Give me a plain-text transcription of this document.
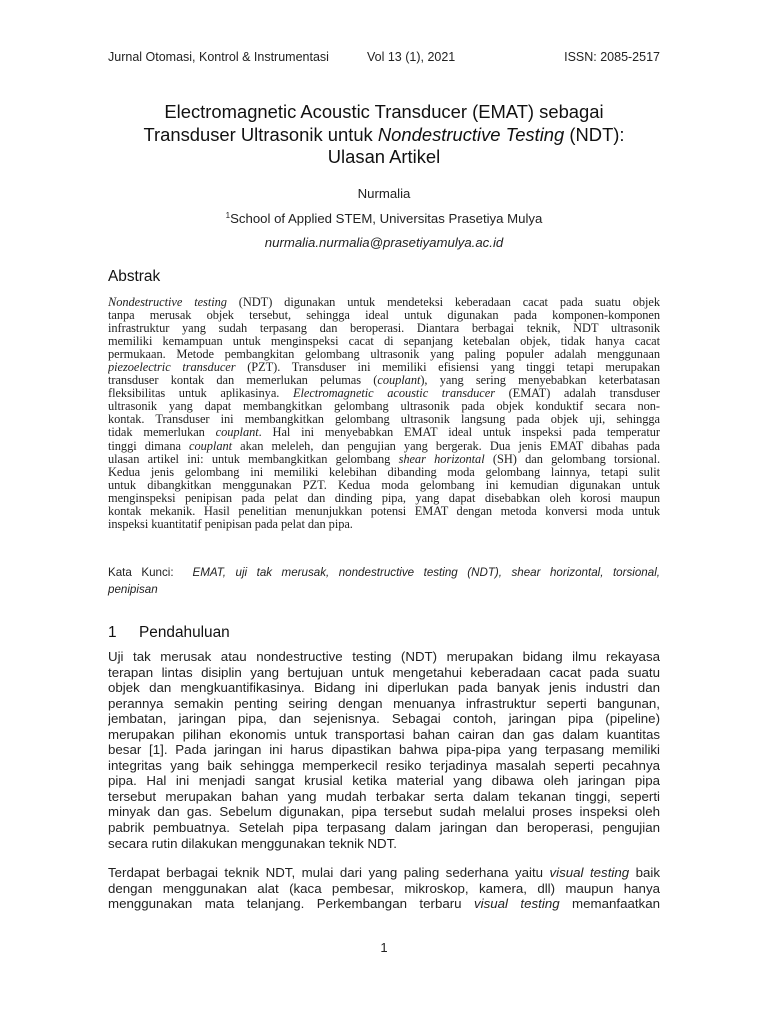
Jurnal Otomasi, Kontrol & Instrumentasi	Vol 13 (1), 2021	ISSN: 2085-2517
Electromagnetic Acoustic Transducer (EMAT) sebagai
Transduser Ultrasonik untuk Nondestructive Testing (NDT):
Ulasan Artikel
Nurmalia
$^1$School of Applied STEM, Universitas Prasetiya Mulya
nurmalia.nurmalia@prasetiyamulya.ac.id
Abstrak
Nondestructive testing (NDT) digunakan untuk mendeteksi keberadaan cacat pada suatu objek
tanpa merusak objek tersebut, sehingga ideal untuk digunakan pada komponen-komponen
infrastruktur yang sudah terpasang dan beroperasi. Diantara berbagai teknik, NDT ultrasonik
memiliki kemampuan untuk menginspeksi cacat di sepanjang ketebalan objek, tidak hanya cacat
permukaan. Metode pembangkitan gelombang ultrasonik yang paling populer adalah menggunaan
piezoelectric transducer (PZT). Transduser ini memiliki efisiensi yang tinggi tetapi merupakan
transduser kontak dan memerlukan pelumas (couplant), yang sering menyebabkan keterbatasan
fleksibilitas untuk aplikasinya. Electromagnetic acoustic transducer (EMAT) adalah transduser
ultrasonik yang dapat membangkitkan gelombang ultrasonik pada objek konduktif secara non-
kontak. Transduser ini membangkitkan gelombang ultrasonik langsung pada objek uji, sehingga
tidak memerlukan couplant. Hal ini menyebabkan EMAT ideal untuk inspeksi pada temperatur
tinggi dimana couplant akan meleleh, dan pengujian yang bergerak. Dua jenis EMAT dibahas pada
ulasan artikel ini: untuk membangkitkan gelombang shear horizontal (SH) dan gelombang torsional.
Kedua jenis gelombang ini memiliki kelebihan dibanding moda gelombang lainnya, tetapi sulit
untuk dibangkitkan menggunakan PZT. Kedua moda gelombang ini kemudian digunakan untuk
menginspeksi penipisan pada pelat dan dinding pipa, yang dapat disebabkan oleh korosi maupun
kontak mekanik. Hasil penelitian menunjukkan potensi EMAT dengan metoda konversi moda untuk
inspeksi kuantitatif penipisan pada pelat dan pipa.
Kata Kunci: EMAT, uji tak merusak, nondestructive testing (NDT), shear horizontal, torsional,
penipisan
1 Pendahuluan
Uji tak merusak atau nondestructive testing (NDT) merupakan bidang ilmu rekayasa
terapan lintas disiplin yang bertujuan untuk mengetahui keberadaan cacat pada suatu
objek dan mengkuantifikasinya. Bidang ini diperlukan pada banyak jenis industri dan
perannya semakin penting seiring dengan menuanya infrastruktur seperti bangunan,
jembatan, jaringan pipa, dan sejenisnya. Sebagai contoh, jaringan pipa (pipeline)
merupakan pilihan ekonomis untuk transportasi bahan cairan dan gas dalam kuantitas
besar [1]. Pada jaringan ini harus dipastikan bahwa pipa-pipa yang terpasang memiliki
integritas yang baik sehingga memperkecil resiko terjadinya masalah seperti pecahnya
pipa. Hal ini menjadi sangat krusial ketika material yang dibawa oleh jaringan pipa
tersebut merupakan bahan yang mudah terbakar serta dalam tekanan tinggi, seperti
minyak dan gas. Sebelum digunakan, pipa tersebut sudah melalui proses inspeksi oleh
pabrik pembuatnya. Setelah pipa terpasang dalam jaringan dan beroperasi, pengujian
secara rutin dilakukan menggunakan teknik NDT.
Terdapat berbagai teknik NDT, mulai dari yang paling sederhana yaitu visual testing baik
dengan menggunakan alat (kaca pembesar, mikroskop, kamera, dll) maupun hanya
menggunakan mata telanjang. Perkembangan terbaru visual testing memanfaatkan
1
